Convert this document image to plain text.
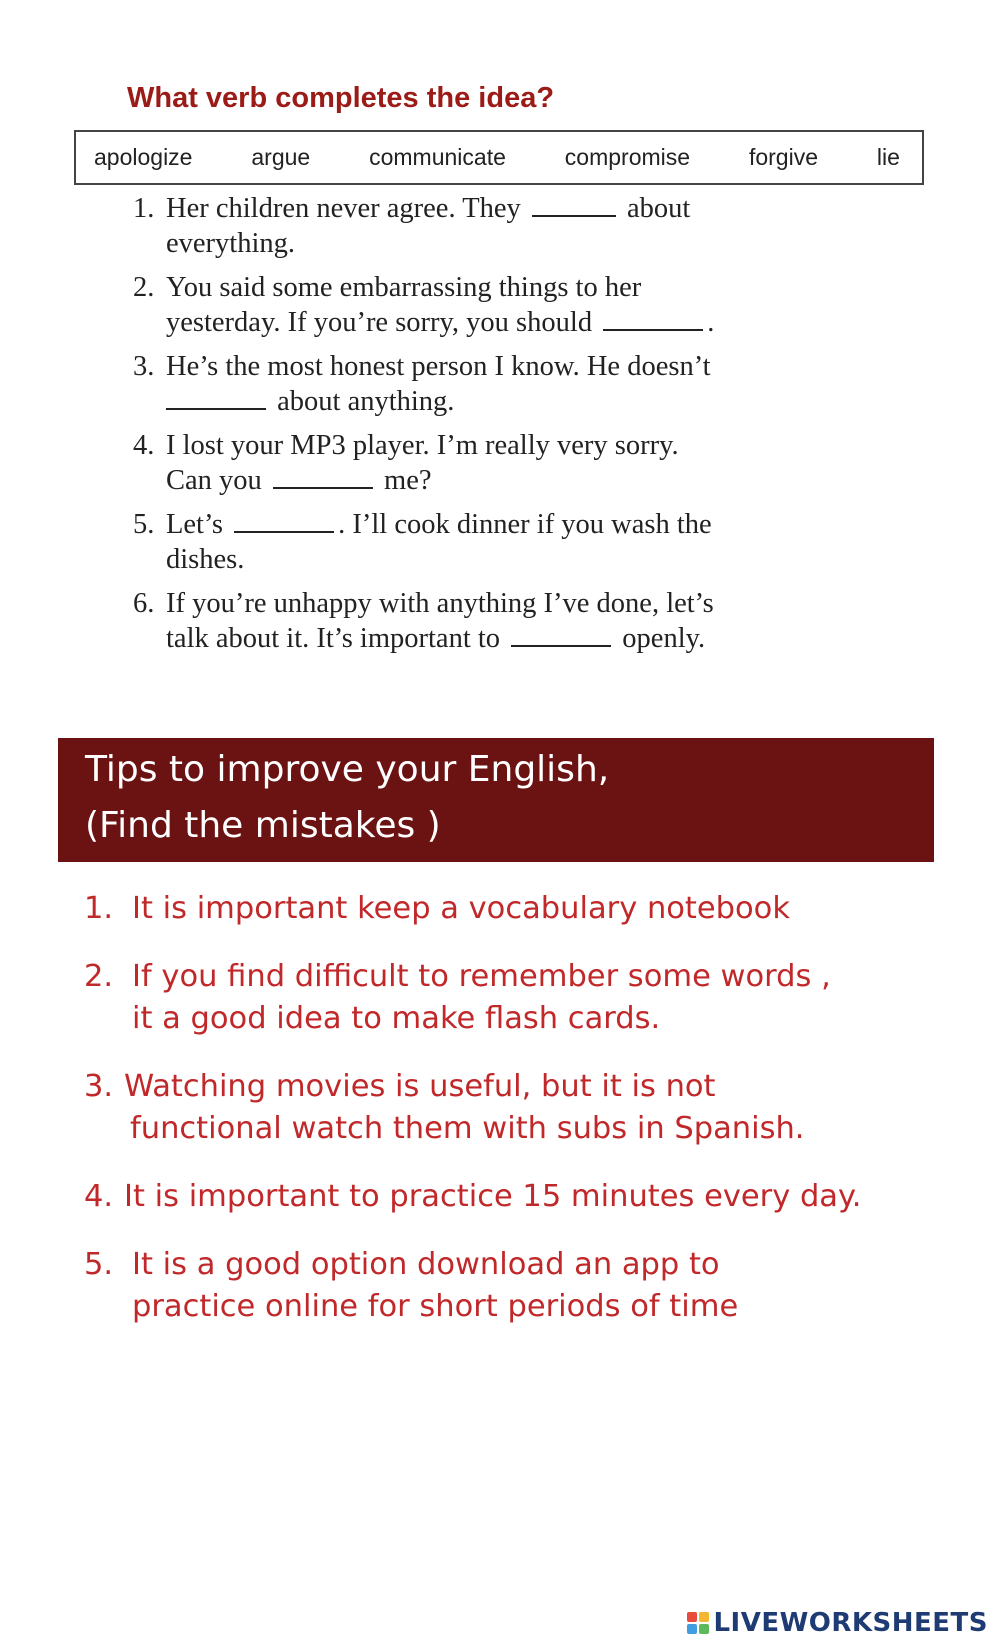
What verb completes the idea?
apologize	argue	communicate	compromise	forgive	lie
1. Her children never agree. They	about
everything.
2. You said some embarrassing things to her
yesterday. If you’re sorry, you should	.
3. He’s the most honest person I know. He doesn’t
about anything.
4. I lost your MP3 player. I’m really very sorry.
Can you	me?
5. Let’s	. I’ll cook dinner if you wash the
dishes.
6. If you’re unhappy with anything I’ve done, let’s
talk about it. It’s important to	openly.
Tips to improve your English,
(Find the mistakes )
1. It is important keep a vocabulary notebook
2. If you find difficult to remember some words ,
it a good idea to make flash cards.
3. Watching movies is useful, but it is not
functional watch them with subs in Spanish.
4. It is important to practice 15 minutes every day.
5. It is a good option download an app to
practice online for short periods of time
LIVEWORKSHEETS
